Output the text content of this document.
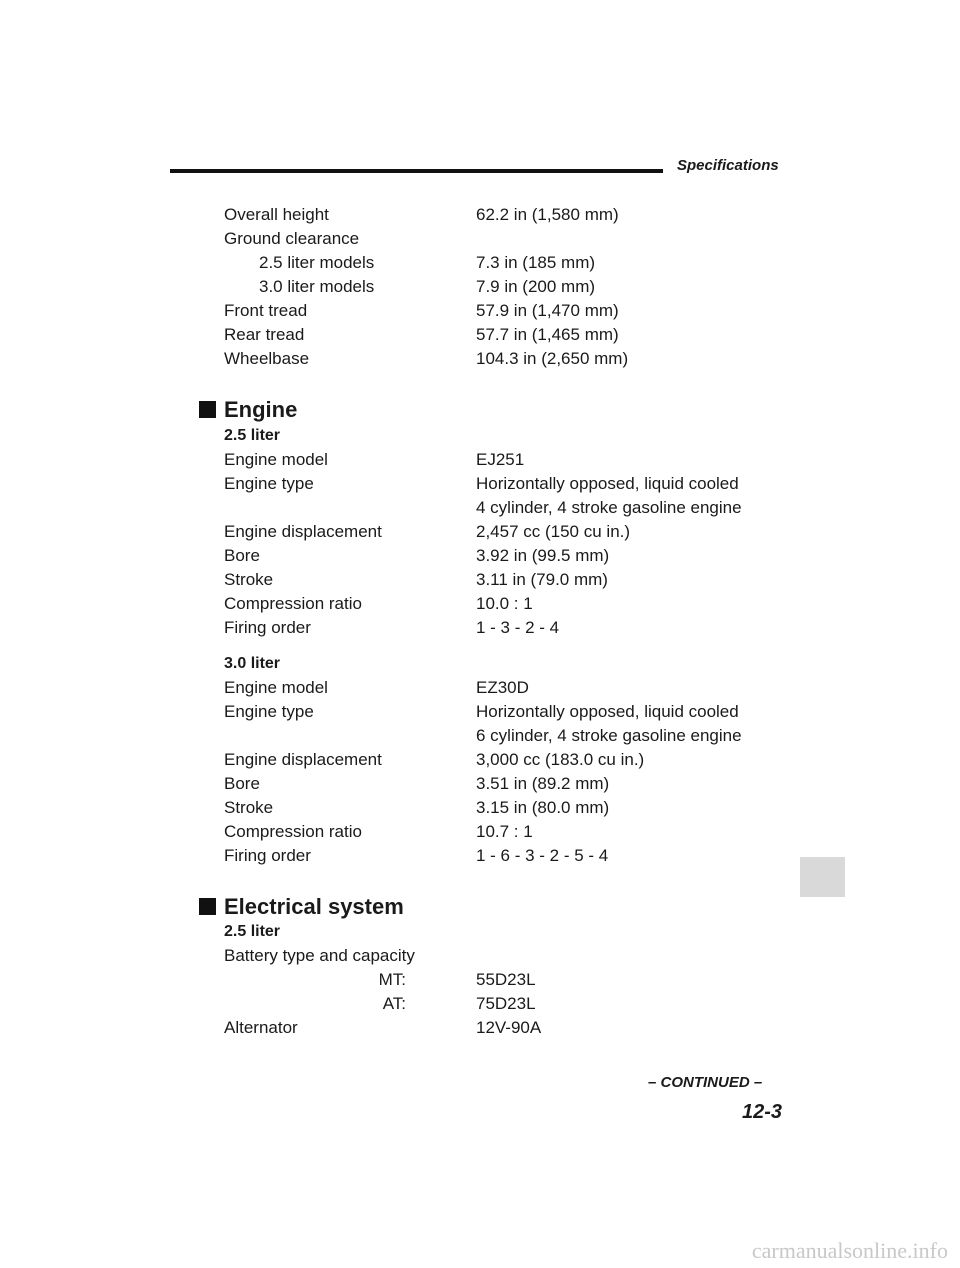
Specifications
Overall height	62.2 in (1,580 mm)
Ground clearance
2.5 liter models	7.3 in (185 mm)
3.0 liter models	7.9 in (200 mm)
Front tread	57.9 in (1,470 mm)
Rear tread	57.7 in (1,465 mm)
Wheelbase	104.3 in (2,650 mm)
Engine
2.5 liter
Engine model	EJ251
Engine type	Horizontally opposed, liquid cooled
4 cylinder, 4 stroke gasoline engine
Engine displacement	2,457 cc (150 cu in.)
Bore	3.92 in (99.5 mm)
Stroke	3.11 in (79.0 mm)
Compression ratio	10.0 : 1
Firing order	1 - 3 - 2 - 4
3.0 liter
Engine model	EZ30D
Engine type	Horizontally opposed, liquid cooled
6 cylinder, 4 stroke gasoline engine
Engine displacement	3,000 cc (183.0 cu in.)
Bore	3.51 in (89.2 mm)
Stroke	3.15 in (80.0 mm)
Compression ratio	10.7 : 1
Firing order	1 - 6 - 3 - 2 - 5 - 4
Electrical system
2.5 liter
Battery type and capacity
MT:	55D23L
AT:	75D23L
Alternator	12V-90A
– CONTINUED –
12-3
carmanualsonline.info
